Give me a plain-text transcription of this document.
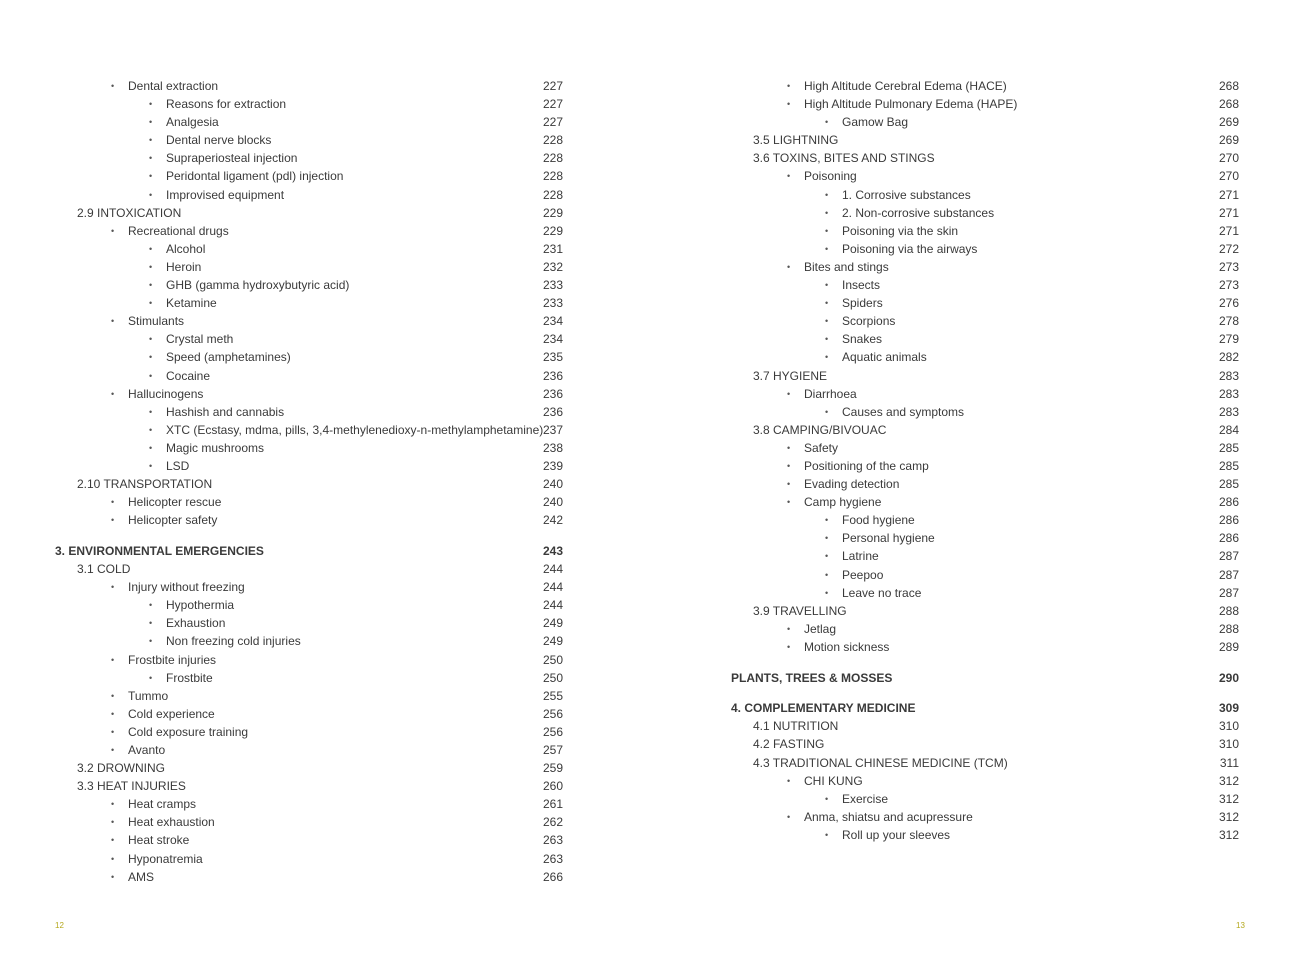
• Dental extraction	227
• Reasons for extraction	227
• Analgesia	227
• Dental nerve blocks	228
• Supraperiosteal injection	228
• Peridontal ligament (pdl) injection	228
• Improvised equipment	228
2.9 INTOXICATION	229
• Recreational drugs	229
• Alcohol	231
• Heroin	232
• GHB (gamma hydroxybutyric acid)	233
• Ketamine	233
• Stimulants	234
• Crystal meth	234
• Speed (amphetamines)	235
• Cocaine	236
• Hallucinogens	236
• Hashish and cannabis	236
• XTC (Ecstasy, mdma, pills, 3,4-methylenedioxy-n-methylamphetamine) 237
• Magic mushrooms	238
• LSD	239
2.10 TRANSPORTATION	240
• Helicopter rescue	240
• Helicopter safety	242
3. ENVIRONMENTAL EMERGENCIES	243
3.1 COLD	244
• Injury without freezing	244
• Hypothermia	244
• Exhaustion	249
• Non freezing cold injuries	249
• Frostbite injuries	250
• Frostbite	250
• Tummo	255
• Cold experience	256
• Cold exposure training	256
• Avanto	257
3.2 DROWNING	259
3.3 HEAT INJURIES	260
• Heat cramps	261
• Heat exhaustion	262
• Heat stroke	263
• Hyponatremia	263
• AMS	266
• High Altitude Cerebral Edema (HACE)	268
• High Altitude Pulmonary Edema (HAPE)	268
• Gamow Bag	269
3.5 LIGHTNING	269
3.6 TOXINS, BITES AND STINGS	270
• Poisoning	270
• 1. Corrosive substances	271
• 2. Non-corrosive substances	271
• Poisoning via the skin	271
• Poisoning via the airways	272
• Bites and stings	273
• Insects	273
• Spiders	276
• Scorpions	278
• Snakes	279
• Aquatic animals	282
3.7 HYGIENE	283
• Diarrhoea	283
• Causes and symptoms	283
3.8 CAMPING/BIVOUAC	284
• Safety	285
• Positioning of the camp	285
• Evading detection	285
• Camp hygiene	286
• Food hygiene	286
• Personal hygiene	286
• Latrine	287
• Peepoo	287
• Leave no trace	287
3.9 TRAVELLING	288
• Jetlag	288
• Motion sickness	289
PLANTS, TREES & MOSSES	290
4. COMPLEMENTARY MEDICINE	309
4.1 NUTRITION	310
4.2 FASTING	310
4.3 TRADITIONAL CHINESE MEDICINE (TCM)	311
• CHI KUNG	312
• Exercise	312
• Anma, shiatsu and acupressure	312
• Roll up your sleeves	312
12	13
